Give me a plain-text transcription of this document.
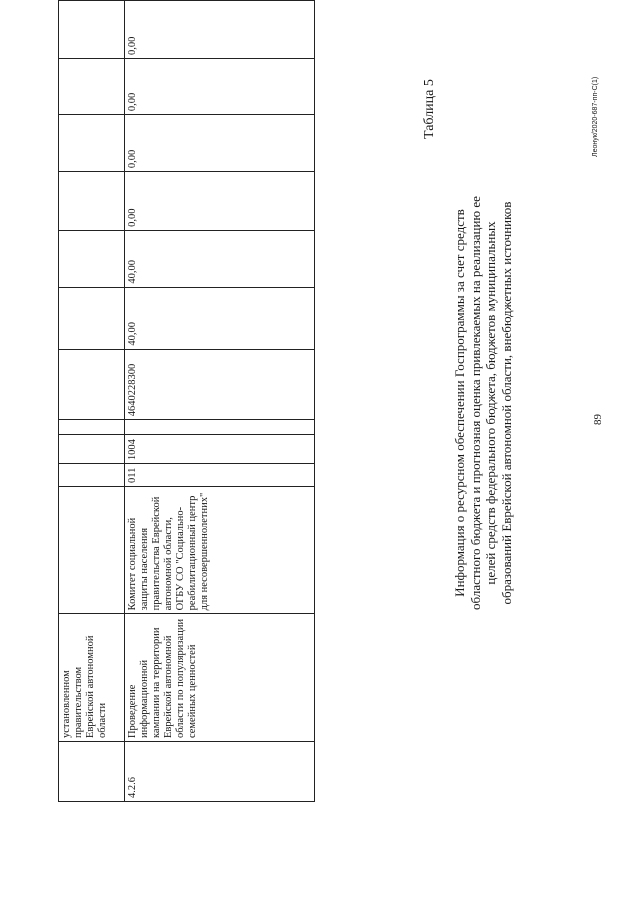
89
	установленном правительством Еврейской автономной области											
4.2.6	Проведение информационной кампании на территории Еврейской автономной области по популяризации семейных ценностей	Комитет социальной защиты населения правительства Еврейской автономной области, ОГБУ СО "Социально-реабилитационный центр для несовершеннолетних"	011	1004		4640228300	40,00	40,00	0,00	0,00	0,00	0,00
Таблица 5
Информация о ресурсном обеспечении Госпрограммы за счет средств областного бюджета и прогнозная оценка привлекаемых на реализацию ее целей средств федерального бюджета, бюджетов муниципальных образований Еврейской автономной области, внебюджетных источников
Леонук/2020-687-пп-С(1)
